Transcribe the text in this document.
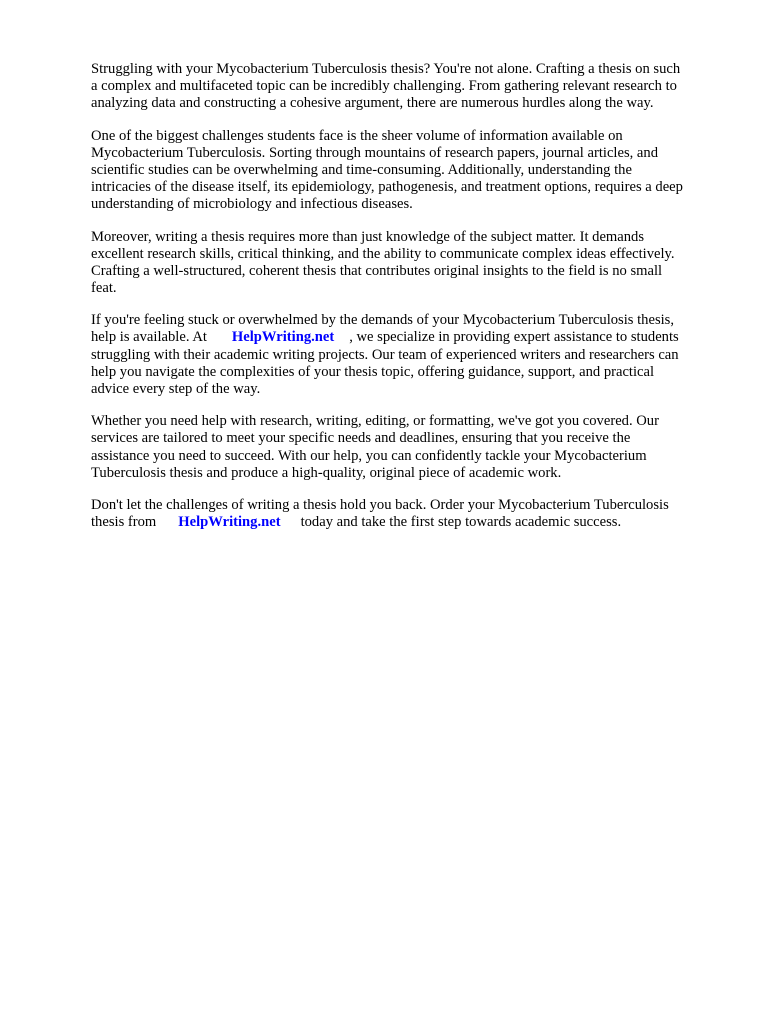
Struggling with your Mycobacterium Tuberculosis thesis? You're not alone. Crafting a thesis on such
a complex and multifaceted topic can be incredibly challenging. From gathering relevant research to
analyzing data and constructing a cohesive argument, there are numerous hurdles along the way.

One of the biggest challenges students face is the sheer volume of information available on
Mycobacterium Tuberculosis. Sorting through mountains of research papers, journal articles, and
scientific studies can be overwhelming and time-consuming. Additionally, understanding the
intricacies of the disease itself, its epidemiology, pathogenesis, and treatment options, requires a deep
understanding of microbiology and infectious diseases.

Moreover, writing a thesis requires more than just knowledge of the subject matter. It demands
excellent research skills, critical thinking, and the ability to communicate complex ideas effectively.
Crafting a well-structured, coherent thesis that contributes original insights to the field is no small
feat.

If you're feeling stuck or overwhelmed by the demands of your Mycobacterium Tuberculosis thesis,
help is available. At HelpWriting.net , we specialize in providing expert assistance to students
struggling with their academic writing projects. Our team of experienced writers and researchers can
help you navigate the complexities of your thesis topic, offering guidance, support, and practical
advice every step of the way.

Whether you need help with research, writing, editing, or formatting, we've got you covered. Our
services are tailored to meet your specific needs and deadlines, ensuring that you receive the
assistance you need to succeed. With our help, you can confidently tackle your Mycobacterium
Tuberculosis thesis and produce a high-quality, original piece of academic work.

Don't let the challenges of writing a thesis hold you back. Order your Mycobacterium Tuberculosis
thesis from HelpWriting.net today and take the first step towards academic success.
